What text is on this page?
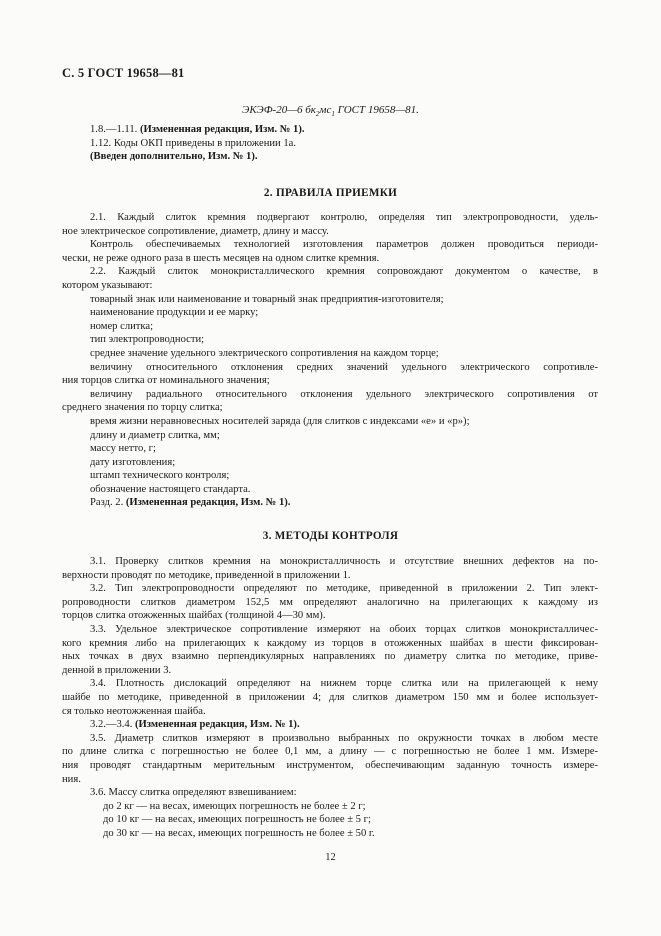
С. 5 ГОСТ 19658—81
ЭКЭФ-20—6 $бк_2мс_1$ ГОСТ 19658—81.

1.8.—1.11. (Измененная редакция, Изм. № 1).

1.12. Коды ОКП приведены в приложении 1а.

(Введен дополнительно, Изм. № 1).

2. ПРАВИЛА ПРИЕМКИ

2.1. Каждый слиток кремния подвергают контролю, определяя тип электропроводности, удель-

ное электрическое сопротивление, диаметр, длину и массу.

Контроль обеспечиваемых технологией изготовления параметров должен проводиться периоди-

чески, не реже одного раза в шесть месяцев на одном слитке кремния.

2.2. Каждый слиток монокристаллического кремния сопровождают документом о качестве, в

котором указывают:

товарный знак или наименование и товарный знак предприятия-изготовителя;

наименование продукции и ее марку;

номер слитка;

тип электропроводности;

среднее значение удельного электрического сопротивления на каждом торце;

величину относительного отклонения средних значений удельного электрического сопротивле-

ния торцов слитка от номинального значения;

величину радиального относительного отклонения удельного электрического сопротивления от

среднего значения по торцу слитка;

время жизни неравновесных носителей заряда (для слитков с индексами «е» и «р»);

длину и диаметр слитка, мм;

массу нетто, г;

дату изготовления;

штамп технического контроля;

обозначение настоящего стандарта.

Разд. 2. (Измененная редакция, Изм. № 1).

3. МЕТОДЫ КОНТРОЛЯ

3.1. Проверку слитков кремния на монокристалличность и отсутствие внешних дефектов на по-

верхности проводят по методике, приведенной в приложении 1.

3.2. Тип электропроводности определяют по методике, приведенной в приложении 2. Тип элект-

ропроводности слитков диаметром 152,5 мм определяют аналогично на прилегающих к каждому из

торцов слитка отожженных шайбах (толщиной 4—30 мм).

3.3. Удельное электрическое сопротивление измеряют на обоих торцах слитков монокристалличес-

кого кремния либо на прилегающих к каждому из торцов в отожженных шайбах в шести фиксирован-

ных точках в двух взаимно перпендикулярных направлениях по диаметру слитка по методике, приве-

денной в приложении 3.

3.4. Плотность дислокаций определяют на нижнем торце слитка или на прилегающей к нему

шайбе по методике, приведенной в приложении 4; для слитков диаметром 150 мм и более использует-

ся только неотожженная шайба.

3.2.—3.4. (Измененная редакция, Изм. № 1).

3.5. Диаметр слитков измеряют в произвольно выбранных по окружности точках в любом месте

по длине слитка с погрешностью не более 0,1 мм, а длину — с погрешностью не более 1 мм. Измере-

ния проводят стандартным мерительным инструментом, обеспечивающим заданную точность измере-

ния.

3.6. Массу слитка определяют взвешиванием:

до 2 кг — на весах, имеющих погрешность не более ± 2 г;

до 10 кг — на весах, имеющих погрешность не более ± 5 г;

до 30 кг — на весах, имеющих погрешность не более ± 50 г.

12
